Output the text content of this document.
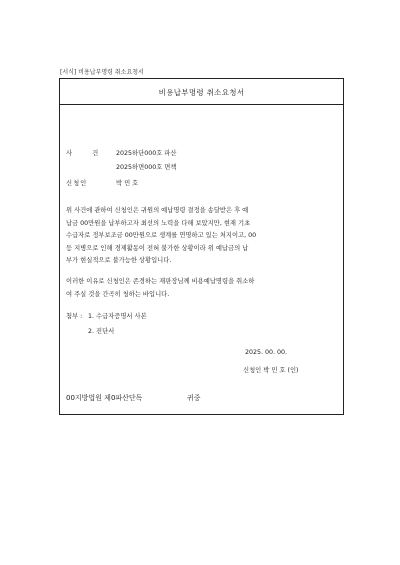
[서식] 비용납부명령 취소요청서
비용납부명령 취소요청서
사 건 2025하단000호 파산
2025하면000호 면책
신청인	박 민 호
위 사건에 관하여 신청인은 귀원의 예납명령 결정을 송달받은 후 예
납금 00만원을 납부하고자 최선의 노력을 다해 보았지만, 현재 기초
수급자로 정부보조금 00만원으로 생계를 연명하고 있는 처지이고, 00
등 지병으로 인해 경제활동이 전혀 불가한 상황이라 위 예납금의 납
부가 현실적으로 불가능한 상황입니다.
이러한 이유로 신청인은 존경하는 재판장님께 비용예납명령을 취소하
여 주실 것을 간곡히 청하는 바입니다.
첨부 : 1. 수급자증명서 사본
2. 진단서
2025. 00. 00.
신청인 박 민 호 (인)
00지방법원 제0파산단독	귀중
